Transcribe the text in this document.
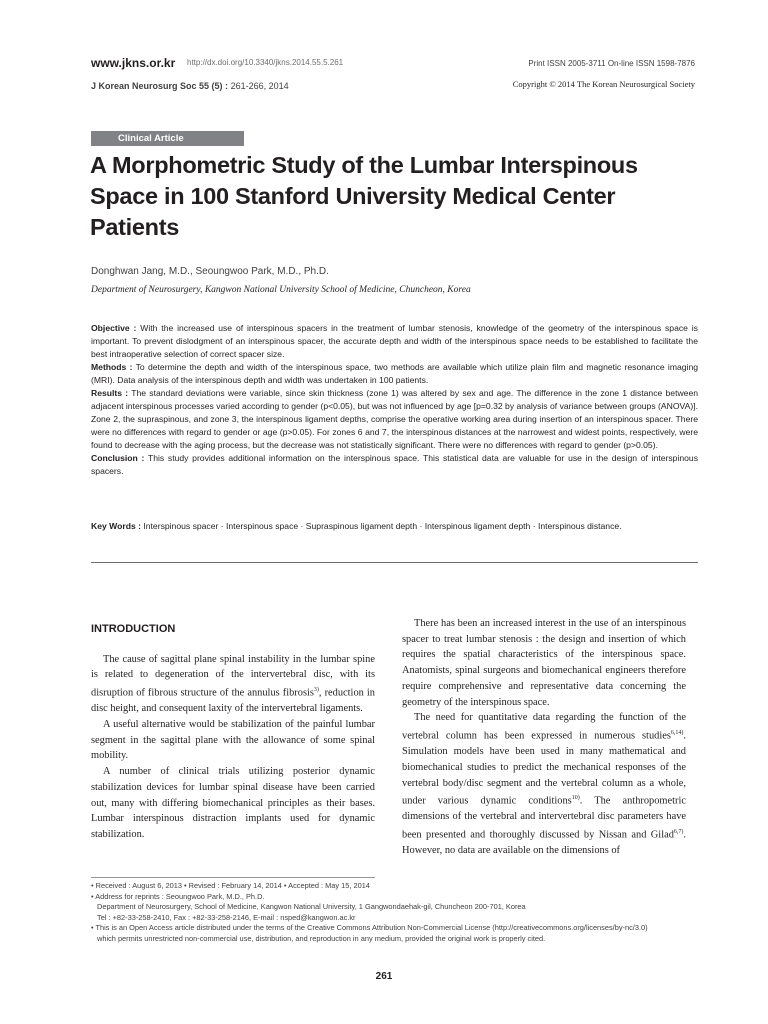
www.jkns.or.kr http://dx.doi.org/10.3340/jkns.2014.55.5.261	Print ISSN 2005-3711 On-line ISSN 1598-7876
J Korean Neurosurg Soc 55 (5) : 261-266, 2014	Copyright © 2014 The Korean Neurosurgical Society
Clinical Article
A Morphometric Study of the Lumbar Interspinous Space in 100 Stanford University Medical Center Patients
Donghwan Jang, M.D., Seoungwoo Park, M.D., Ph.D.
Department of Neurosurgery, Kangwon National University School of Medicine, Chuncheon, Korea

Objective : With the increased use of interspinous spacers in the treatment of lumbar stenosis, knowledge of the geometry of the interspinous space is important. To prevent dislodgment of an interspinous spacer, the accurate depth and width of the interspinous space needs to be established to facilitate the best intraoperative selection of correct spacer size.

Methods : To determine the depth and width of the interspinous space, two methods are available which utilize plain film and magnetic resonance imaging (MRI). Data analysis of the interspinous depth and width was undertaken in 100 patients.

Results : The standard deviations were variable, since skin thickness (zone 1) was altered by sex and age. The difference in the zone 1 distance between adjacent interspinous processes varied according to gender (p<0.05), but was not influenced by age [p=0.32 by analysis of variance between groups (ANOVA)]. Zone 2, the supraspinous, and zone 3, the interspinous ligament depths, comprise the operative working area during insertion of an interspinous spacer. There were no differences with regard to gender or age (p>0.05). For zones 6 and 7, the interspinous distances at the narrowest and widest points, respectively, were found to decrease with the aging process, but the decrease was not statistically significant. There were no differences with regard to gender (p>0.05).

Conclusion : This study provides additional information on the interspinous space. This statistical data are valuable for use in the design of interspinous spacers.

Key Words : Interspinous spacer · Interspinous space · Supraspinous ligament depth · Interspinous ligament depth · Interspinous distance.

INTRODUCTION

The cause of sagittal plane spinal instability in the lumbar spine is related to degeneration of the intervertebral disc, with its disruption of fibrous structure of the annulus fibrosis$^{3)}$, reduction in disc height, and consequent laxity of the intervertebral ligaments.

A useful alternative would be stabilization of the painful lumbar segment in the sagittal plane with the allowance of some spinal mobility.

A number of clinical trials utilizing posterior dynamic stabilization devices for lumbar spinal disease have been carried out, many with differing biomechanical principles as their bases. Lumbar interspinous distraction implants used for dynamic stabilization.

There has been an increased interest in the use of an interspinous spacer to treat lumbar stenosis : the design and insertion of which requires the spatial characteristics of the interspinous space. Anatomists, spinal surgeons and biomechanical engineers therefore require comprehensive and representative data concerning the geometry of the interspinous space.

The need for quantitative data regarding the function of the vertebral column has been expressed in numerous studies$^{6,14)}$. Simulation models have been used in many mathematical and biomechanical studies to predict the mechanical responses of the vertebral body/disc segment and the vertebral column as a whole, under various dynamic conditions$^{10)}$. The anthropometric dimensions of the vertebral and intervertebral disc parameters have been presented and thoroughly discussed by Nissan and Gilad$^{6,7)}$. However, no data are available on the dimensions of

• Received : August 6, 2013 • Revised : February 14, 2014 • Accepted : May 15, 2014
• Address for reprints : Seoungwoo Park, M.D., Ph.D.
Department of Neurosurgery, School of Medicine, Kangwon National University, 1 Gangwondaehak-gil, Chuncheon 200-701, Korea
Tel : +82-33-258-2410, Fax : +82-33-258-2146, E-mail : nsped@kangwon.ac.kr
• This is an Open Access article distributed under the terms of the Creative Commons Attribution Non-Commercial License (http://creativecommons.org/licenses/by-nc/3.0)
which permits unrestricted non-commercial use, distribution, and reproduction in any medium, provided the original work is properly cited.
261
